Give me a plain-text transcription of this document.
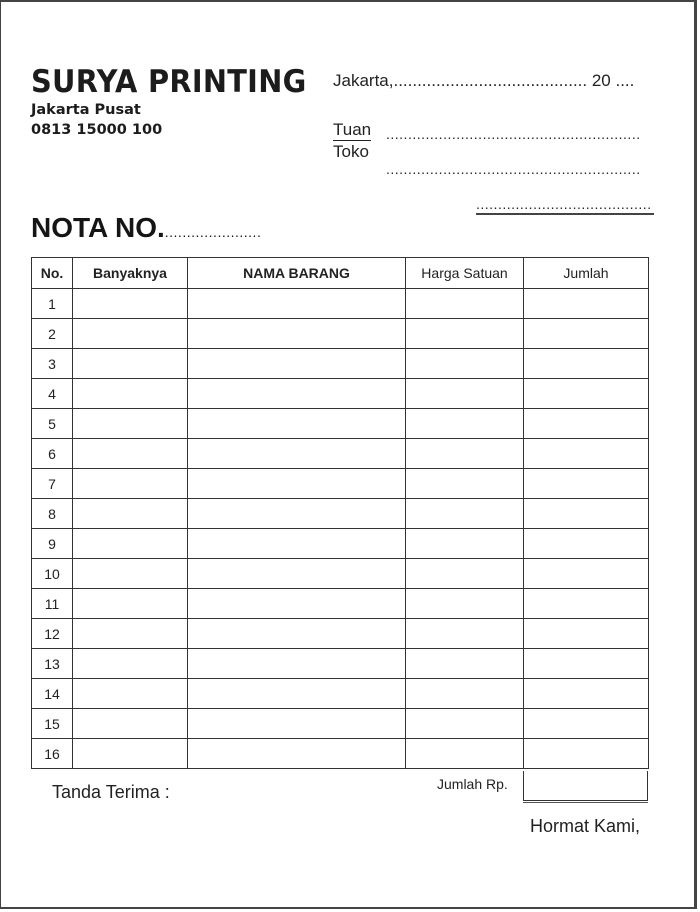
SURYA PRINTING
Jakarta Pusat
0813 15000 100
Jakarta,......................................... 20 ....
Tuan
Toko
..........................................................
..........................................................
........................................
NOTA NO.......................
No.	Banyaknya	NAMA BARANG	Harga Satuan	Jumlah
1				
2				
3				
4				
5				
6				
7				
8				
9				
10				
11				
12				
13				
14				
15				
16				
Tanda Terima :	Jumlah Rp.
Hormat Kami,
